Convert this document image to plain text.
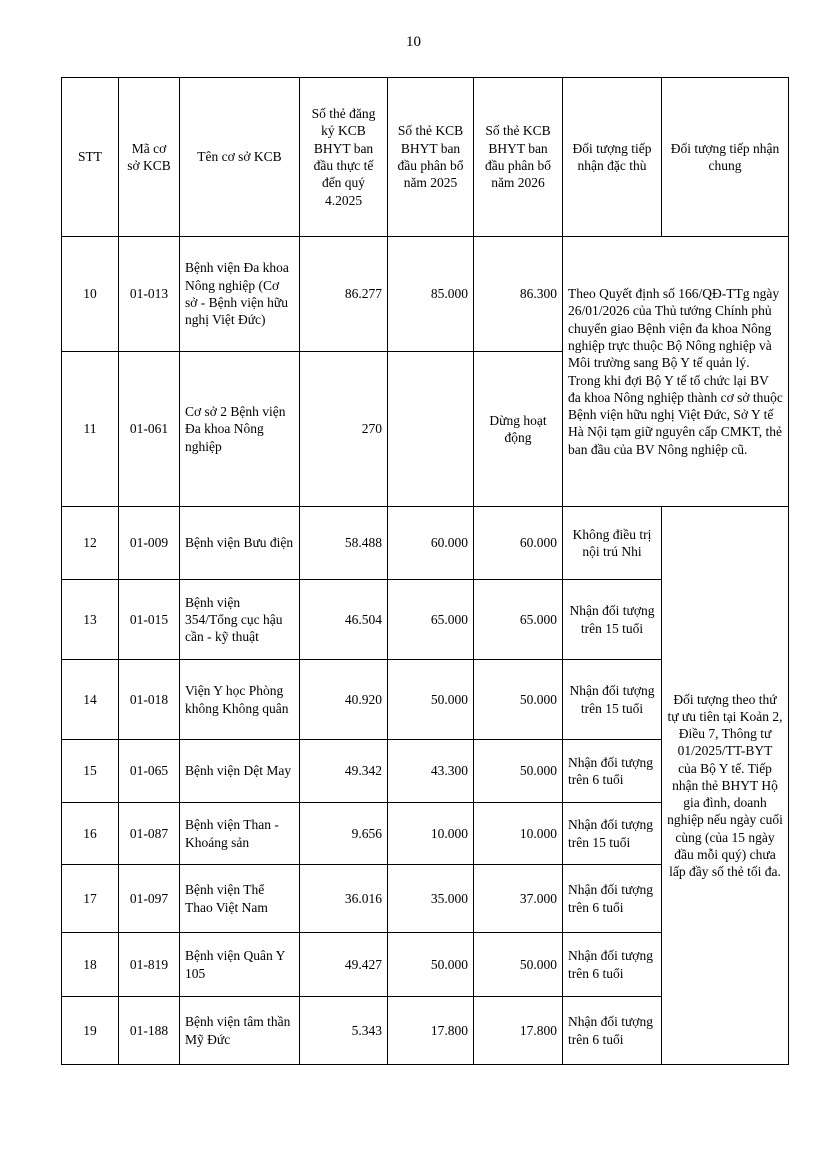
10
STT	Mã cơ sở KCB	Tên cơ sở KCB	Số thẻ đăng ký KCB BHYT ban đầu thực tế đến quý 4.2025	Số thẻ KCB BHYT ban đầu phân bổ năm 2025	Số thẻ KCB BHYT ban đầu phân bổ năm 2026	Đối tượng tiếp nhận đặc thù	Đối tượng tiếp nhận chung
10	01-013	Bệnh viện Đa khoa Nông nghiệp (Cơ sở - Bệnh viện hữu nghị Việt Đức)	86.277	85.000	86.300	Theo Quyết định số 166/QĐ-TTg ngày 26/01/2026 của Thủ tướng Chính phủ chuyển giao Bệnh viện đa khoa Nông nghiệp trực thuộc Bộ Nông nghiệp và Môi trường sang Bộ Y tế quản lý. Trong khi đợi Bộ Y tế tổ chức lại BV đa khoa Nông nghiệp thành cơ sở thuộc Bệnh viện hữu nghị Việt Đức, Sở Y tế Hà Nội tạm giữ nguyên cấp CMKT, thẻ ban đầu của BV Nông nghiệp cũ.	
11	01-061	Cơ sở 2 Bệnh viện Đa khoa Nông nghiệp	270		Dừng hoạt động		
12	01-009	Bệnh viện Bưu điện	58.488	60.000	60.000	Không điều trị nội trú Nhi	Đối tượng theo thứ tự ưu tiên tại Koản 2, Điều 7, Thông tư 01/2025/TT-BYT của Bộ Y tế. Tiếp nhận thẻ BHYT Hộ gia đình, doanh nghiệp nếu ngày cuối cùng (của 15 ngày đầu mỗi quý) chưa lấp đầy số thẻ tối đa.
13	01-015	Bệnh viện 354/Tổng cục hậu cần - kỹ thuật	46.504	65.000	65.000	Nhận đối tượng trên 15 tuổi	
14	01-018	Viện Y học Phòng không Không quân	40.920	50.000	50.000	Nhận đối tượng trên 15 tuổi	
15	01-065	Bệnh viện Dệt May	49.342	43.300	50.000	Nhận đối tượng trên 6 tuổi	
16	01-087	Bệnh viện Than - Khoáng sản	9.656	10.000	10.000	Nhận đối tượng trên 15 tuổi	
17	01-097	Bệnh viện Thể Thao Việt Nam	36.016	35.000	37.000	Nhận đối tượng trên 6 tuổi	
18	01-819	Bệnh viện Quân Y 105	49.427	50.000	50.000	Nhận đối tượng trên 6 tuổi	
19	01-188	Bệnh viện tâm thần Mỹ Đức	5.343	17.800	17.800	Nhận đối tượng trên 6 tuổi	
